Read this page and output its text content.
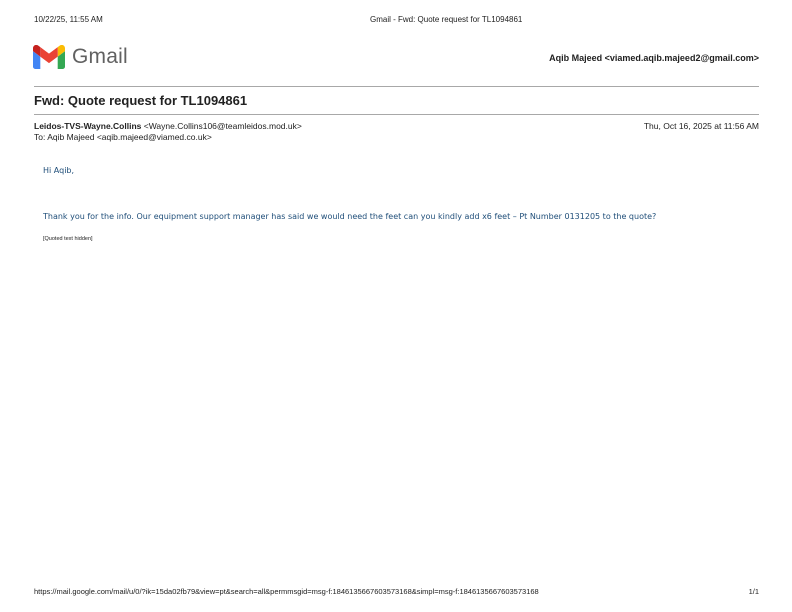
10/22/25, 11:55 AM	Gmail - Fwd: Quote request for TL1094861
Gmail	Aqib Majeed <viamed.aqib.majeed2@gmail.com>
Fwd: Quote request for TL1094861
Leidos-TVS-Wayne.Collins <Wayne.Collins106@teamleidos.mod.uk>	Thu, Oct 16, 2025 at 11:56 AM
To: Aqib Majeed <aqib.majeed@viamed.co.uk>
Hi Aqib,
Thank you for the info. Our equipment support manager has said we would need the feet can you kindly add x6 feet – Pt Number 0131205 to the quote?
[Quoted text hidden]
https://mail.google.com/mail/u/0/?ik=15da02fb79&view=pt&search=all&permmsgid=msg-f:1846135667603573168&simpl=msg-f:1846135667603573168	1/1
